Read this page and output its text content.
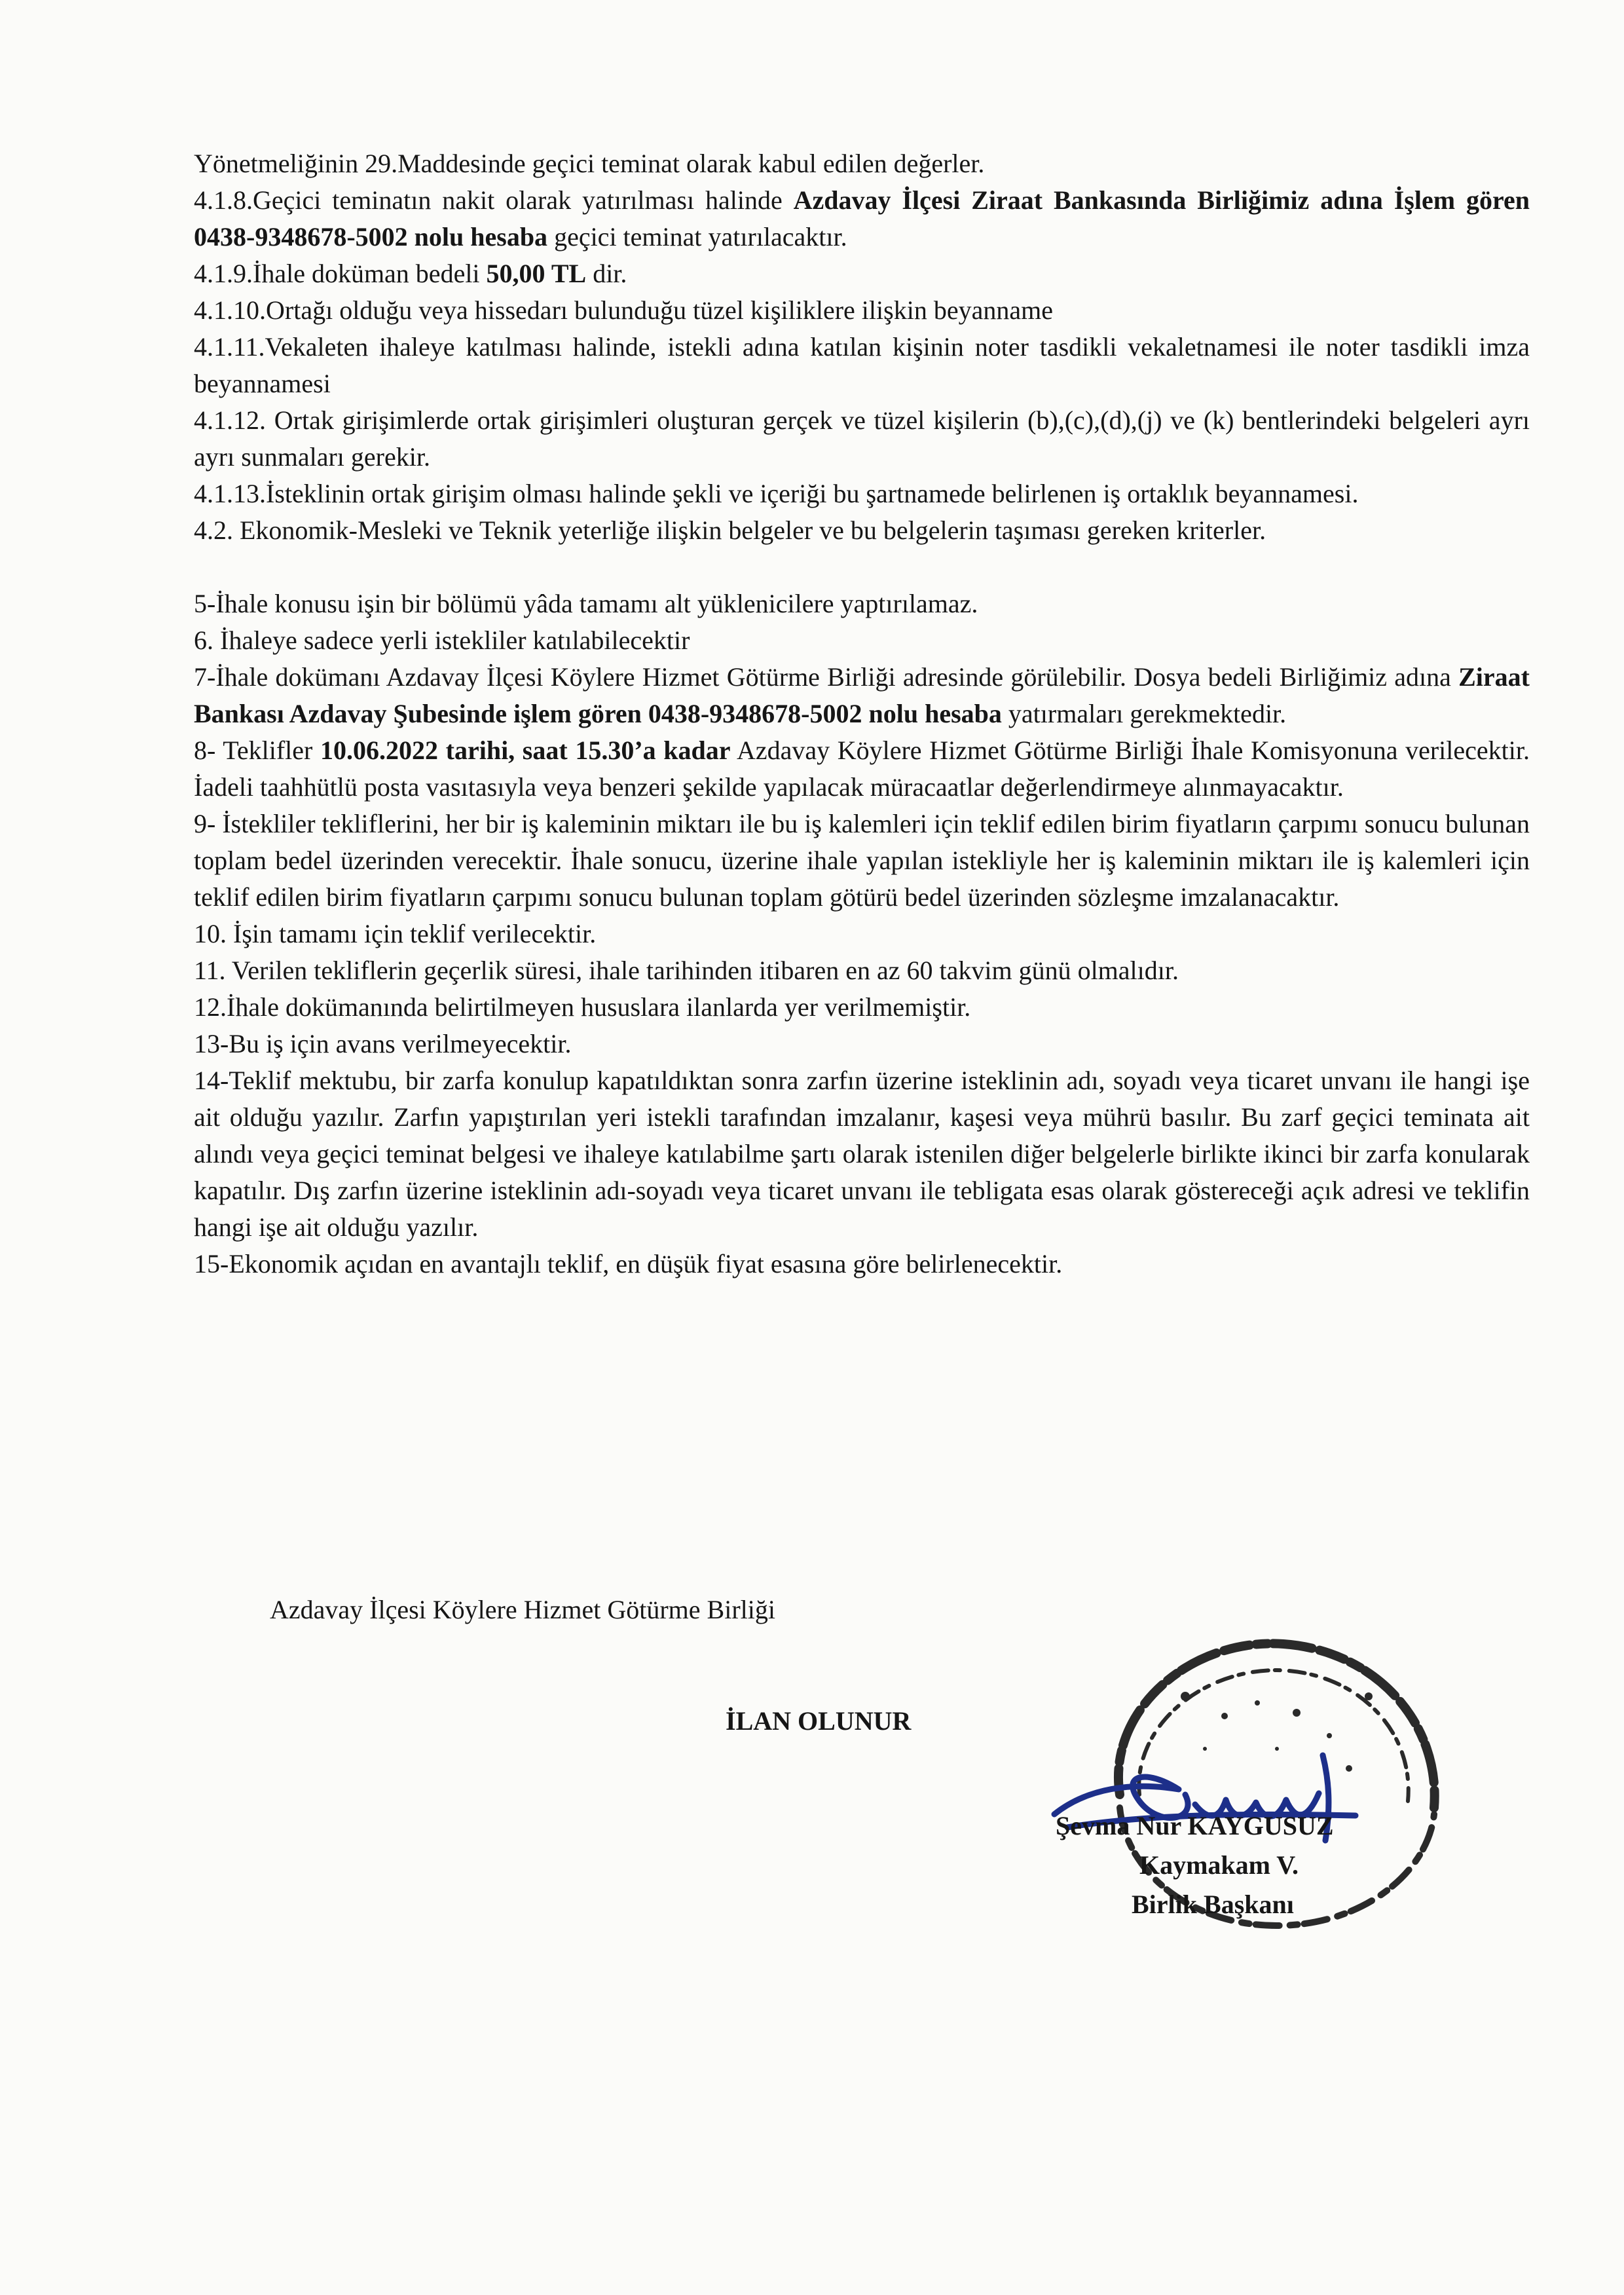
Yönetmeliğinin 29.Maddesinde geçici teminat olarak kabul edilen değerler.

4.1.8.Geçici teminatın nakit olarak yatırılması halinde Azdavay İlçesi Ziraat Bankasında Birliğimiz adına İşlem gören 0438-9348678-5002 nolu hesaba geçici teminat yatırılacaktır.

4.1.9.İhale doküman bedeli 50,00 TL dir.

4.1.10.Ortağı olduğu veya hissedarı bulunduğu tüzel kişiliklere ilişkin beyanname

4.1.11.Vekaleten ihaleye katılması halinde, istekli adına katılan kişinin noter tasdikli vekaletnamesi ile noter tasdikli imza beyannamesi

4.1.12. Ortak girişimlerde ortak girişimleri oluşturan gerçek ve tüzel kişilerin (b),(c),(d),(j) ve (k) bentlerindeki belgeleri ayrı ayrı sunmaları gerekir.

4.1.13.İsteklinin ortak girişim olması halinde şekli ve içeriği bu şartnamede belirlenen iş ortaklık beyannamesi.

4.2. Ekonomik-Mesleki ve Teknik yeterliğe ilişkin belgeler ve bu belgelerin taşıması gereken kriterler.

5-İhale konusu işin bir bölümü yâda tamamı alt yüklenicilere yaptırılamaz.

6. İhaleye sadece yerli istekliler katılabilecektir

7-İhale dokümanı Azdavay İlçesi Köylere Hizmet Götürme Birliği adresinde görülebilir. Dosya bedeli Birliğimiz adına Ziraat Bankası Azdavay Şubesinde işlem gören 0438-9348678-5002 nolu hesaba yatırmaları gerekmektedir.

8- Teklifler 10.06.2022 tarihi, saat 15.30’a kadar Azdavay Köylere Hizmet Götürme Birliği İhale Komisyonuna verilecektir. İadeli taahhütlü posta vasıtasıyla veya benzeri şekilde yapılacak müracaatlar değerlendirmeye alınmayacaktır.

9- İstekliler tekliflerini, her bir iş kaleminin miktarı ile bu iş kalemleri için teklif edilen birim fiyatların çarpımı sonucu bulunan toplam bedel üzerinden verecektir. İhale sonucu, üzerine ihale yapılan istekliyle her iş kaleminin miktarı ile iş kalemleri için teklif edilen birim fiyatların çarpımı sonucu bulunan toplam götürü bedel üzerinden sözleşme imzalanacaktır.

10. İşin tamamı için teklif verilecektir.

11. Verilen tekliflerin geçerlik süresi, ihale tarihinden itibaren en az 60 takvim günü olmalıdır.

12.İhale dokümanında belirtilmeyen hususlara ilanlarda yer verilmemiştir.

13-Bu iş için avans verilmeyecektir.

14-Teklif mektubu, bir zarfa konulup kapatıldıktan sonra zarfın üzerine isteklinin adı, soyadı veya ticaret unvanı ile hangi işe ait olduğu yazılır. Zarfın yapıştırılan yeri istekli tarafından imzalanır, kaşesi veya mührü basılır. Bu zarf geçici teminata ait alındı veya geçici teminat belgesi ve ihaleye katılabilme şartı olarak istenilen diğer belgelerle birlikte ikinci bir zarfa konularak kapatılır. Dış zarfın üzerine isteklinin adı-soyadı veya ticaret unvanı ile tebligata esas olarak göstereceği açık adresi ve teklifin hangi işe ait olduğu yazılır.

15-Ekonomik açıdan en avantajlı teklif, en düşük fiyat esasına göre belirlenecektir.

Azdavay İlçesi Köylere Hizmet Götürme Birliği
İLAN OLUNUR
Şevma Nur KAYGUSUZ
Kaymakam V.
Birlik Başkanı
